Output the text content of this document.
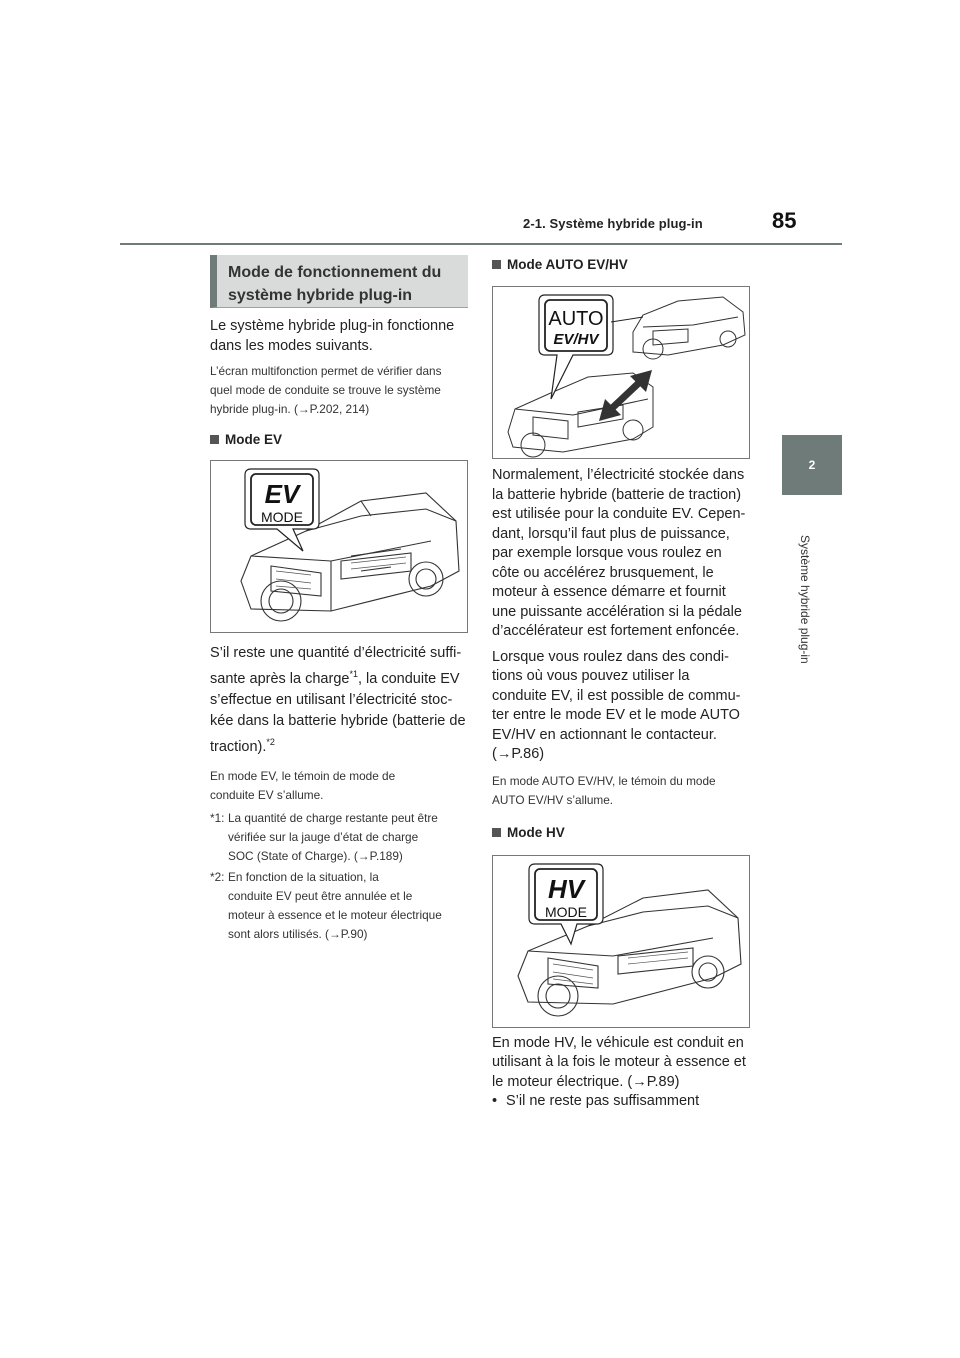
2-1. Système hybride plug-in	85
2
Système hybride plug-in
Mode de fonctionnement du
système hybride plug-in
Le système hybride plug-in fonctionne
dans les modes suivants.
L’écran multifonction permet de vérifier dans
quel mode de conduite se trouve le système
hybride plug-in. (→P.202, 214)
Mode EV
EV
MODE
S’il reste une quantité d’électricité suffi-
sante après la charge$^{*1}$, la conduite EV
s’effectue en utilisant l’électricité stoc-
kée dans la batterie hybride (batterie de
traction).$^{*2}$
En mode EV, le témoin de mode de
conduite EV s’allume.
*1: La quantité de charge restante peut être
vérifiée sur la jauge d’état de charge
SOC (State of Charge). (→P.189)
*2: En fonction de la situation, la
conduite EV peut être annulée et le
moteur à essence et le moteur électrique
sont alors utilisés. (→P.90)
Mode AUTO EV/HV
AUTO
EV/HV
Normalement, l’électricité stockée dans
la batterie hybride (batterie de traction)
est utilisée pour la conduite EV. Cepen-
dant, lorsqu’il faut plus de puissance,
par exemple lorsque vous roulez en
côte ou accélérez brusquement, le
moteur à essence démarre et fournit
une puissante accélération si la pédale
d’accélérateur est fortement enfoncée.
Lorsque vous roulez dans des condi-
tions où vous pouvez utiliser la
conduite EV, il est possible de commu-
ter entre le mode EV et le mode AUTO
EV/HV en actionnant le contacteur.
(→P.86)
En mode AUTO EV/HV, le témoin du mode
AUTO EV/HV s’allume.
Mode HV
HV
MODE
En mode HV, le véhicule est conduit en
utilisant à la fois le moteur à essence et
le moteur électrique. (→P.89)
• S’il ne reste pas suffisamment
